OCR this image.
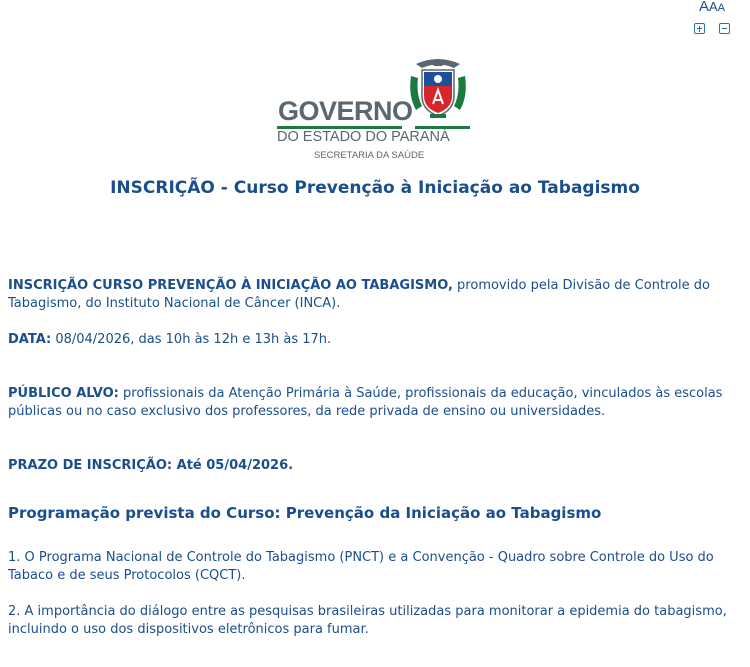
AAA
GOVERNO
DO ESTADO DO PARANÁ
SECRETARIA DA SAÚDE
INSCRIÇÃO - Curso Prevenção à Iniciação ao Tabagismo

INSCRIÇÃO CURSO PREVENÇÃO À INICIAÇÃO AO TABAGISMO, promovido pela Divisão de Controle do Tabagismo, do Instituto Nacional de Câncer (INCA).

DATA: 08/04/2026, das 10h às 12h e 13h às 17h.

PÚBLICO ALVO: profissionais da Atenção Primária à Saúde, profissionais da educação, vinculados às escolas públicas ou no caso exclusivo dos professores, da rede privada de ensino ou universidades.

PRAZO DE INSCRIÇÃO: Até 05/04/2026.

Programação prevista do Curso: Prevenção da Iniciação ao Tabagismo

1. O Programa Nacional de Controle do Tabagismo (PNCT) e a Convenção - Quadro sobre Controle do Uso do Tabaco e de seus Protocolos (CQCT).

2. A importância do diálogo entre as pesquisas brasileiras utilizadas para monitorar a epidemia do tabagismo, incluindo o uso dos dispositivos eletrônicos para fumar.
